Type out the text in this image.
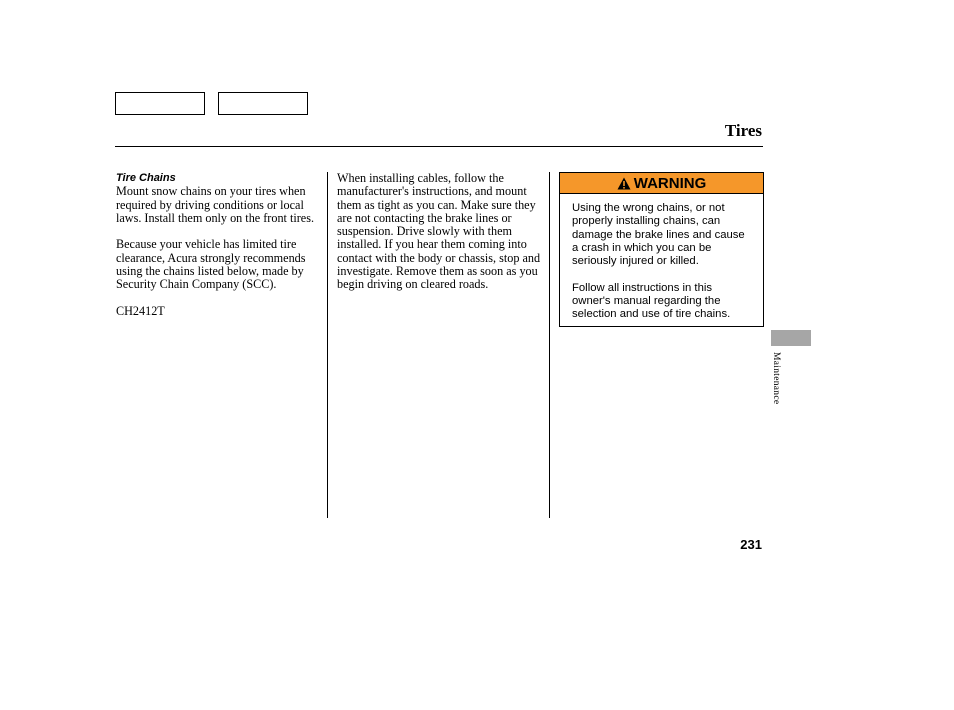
Tires
Tire Chains

Mount snow chains on your tires when required by driving conditions or local laws. Install them only on the front tires.

Because your vehicle has limited tire clearance, Acura strongly recommends using the chains listed below, made by Security Chain Company (SCC).

CH2412T

When installing cables, follow the manufacturer's instructions, and mount them as tight as you can. Make sure they are not contacting the brake lines or suspension. Drive slowly with them installed. If you hear them coming into contact with the body or chassis, stop and investigate. Remove them as soon as you begin driving on cleared roads.

WARNING

Using the wrong chains, or not properly installing chains, can damage the brake lines and cause a crash in which you can be seriously injured or killed.

Follow all instructions in this owner's manual regarding the selection and use of tire chains.

Maintenance
231
